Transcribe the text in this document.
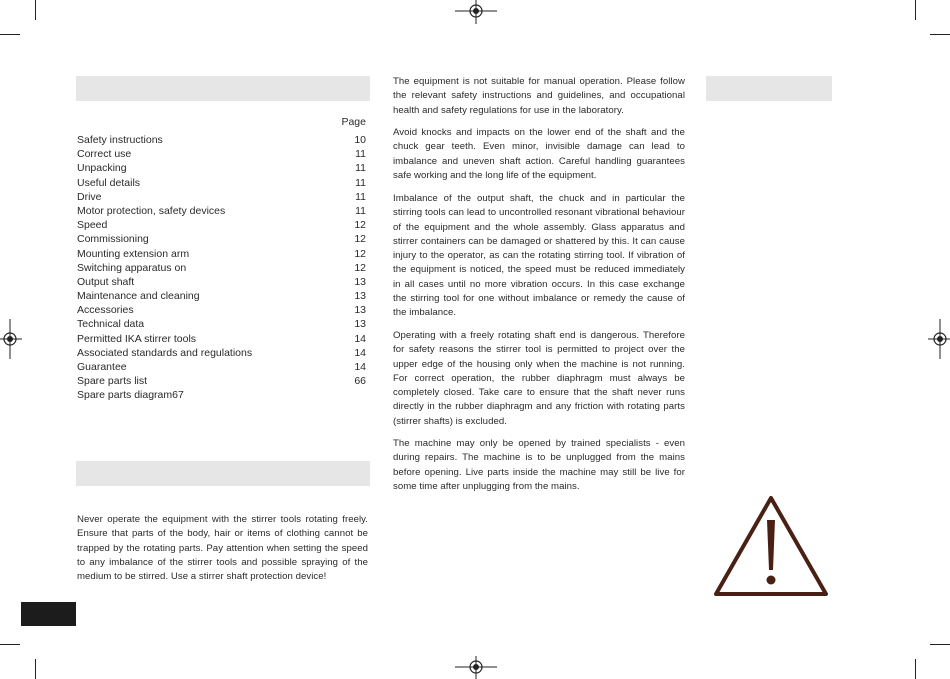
Page
Safety instructions	10
Correct use	11
Unpacking	11
Useful details	11
Drive	11
Motor protection, safety devices	11
Speed	12
Commissioning	12
Mounting extension arm	12
Switching apparatus on	12
Output shaft	13
Maintenance and cleaning	13
Accessories	13
Technical data	13
Permitted IKA stirrer tools	14
Associated standards and regulations	14
Guarantee	14
Spare parts list	66
Spare parts diagram67
Never operate the equipment with the stirrer tools rotating freely. Ensure that parts of the body, hair or items of clothing cannot be trapped by the rotating parts. Pay attention when setting the speed to any imbalance of the stirrer tools and possible spraying of the medium to be stirred. Use a stirrer shaft protection device!
The equipment is not suitable for manual operation. Please follow the relevant safety instructions and guidelines, and occupational health and safety regulations for use in the laboratory.
Avoid knocks and impacts on the lower end of the shaft and the chuck gear teeth. Even minor, invisible damage can lead to imbalance and uneven shaft action. Careful handling guarantees safe working and the long life of the equipment.
Imbalance of the output shaft, the chuck and in particular the stirring tools can lead to uncontrolled resonant vibrational behaviour of the equipment and the whole assembly. Glass apparatus and stirrer containers can be damaged or shattered by this. It can cause injury to the operator, as can the rotating stirring tool. If vibration of the equipment is noticed, the speed must be reduced immediately in all cases until no more vibration occurs. In this case exchange the stirring tool for one without imbalance or remedy the cause of the imbalance.
Operating with a freely rotating shaft end is dangerous. Therefore for safety reasons the stirrer tool is permitted to project over the upper edge of the housing only when the machine is not running. For correct operation, the rubber diaphragm must always be completely closed. Take care to ensure that the shaft never runs directly in the rubber diaphragm and any friction with rotating parts (stirrer shafts) is excluded.
The machine may only be opened by trained specialists - even during repairs. The machine is to be unplugged from the mains before opening. Live parts inside the machine may still be live for some time after unplugging from the mains.
